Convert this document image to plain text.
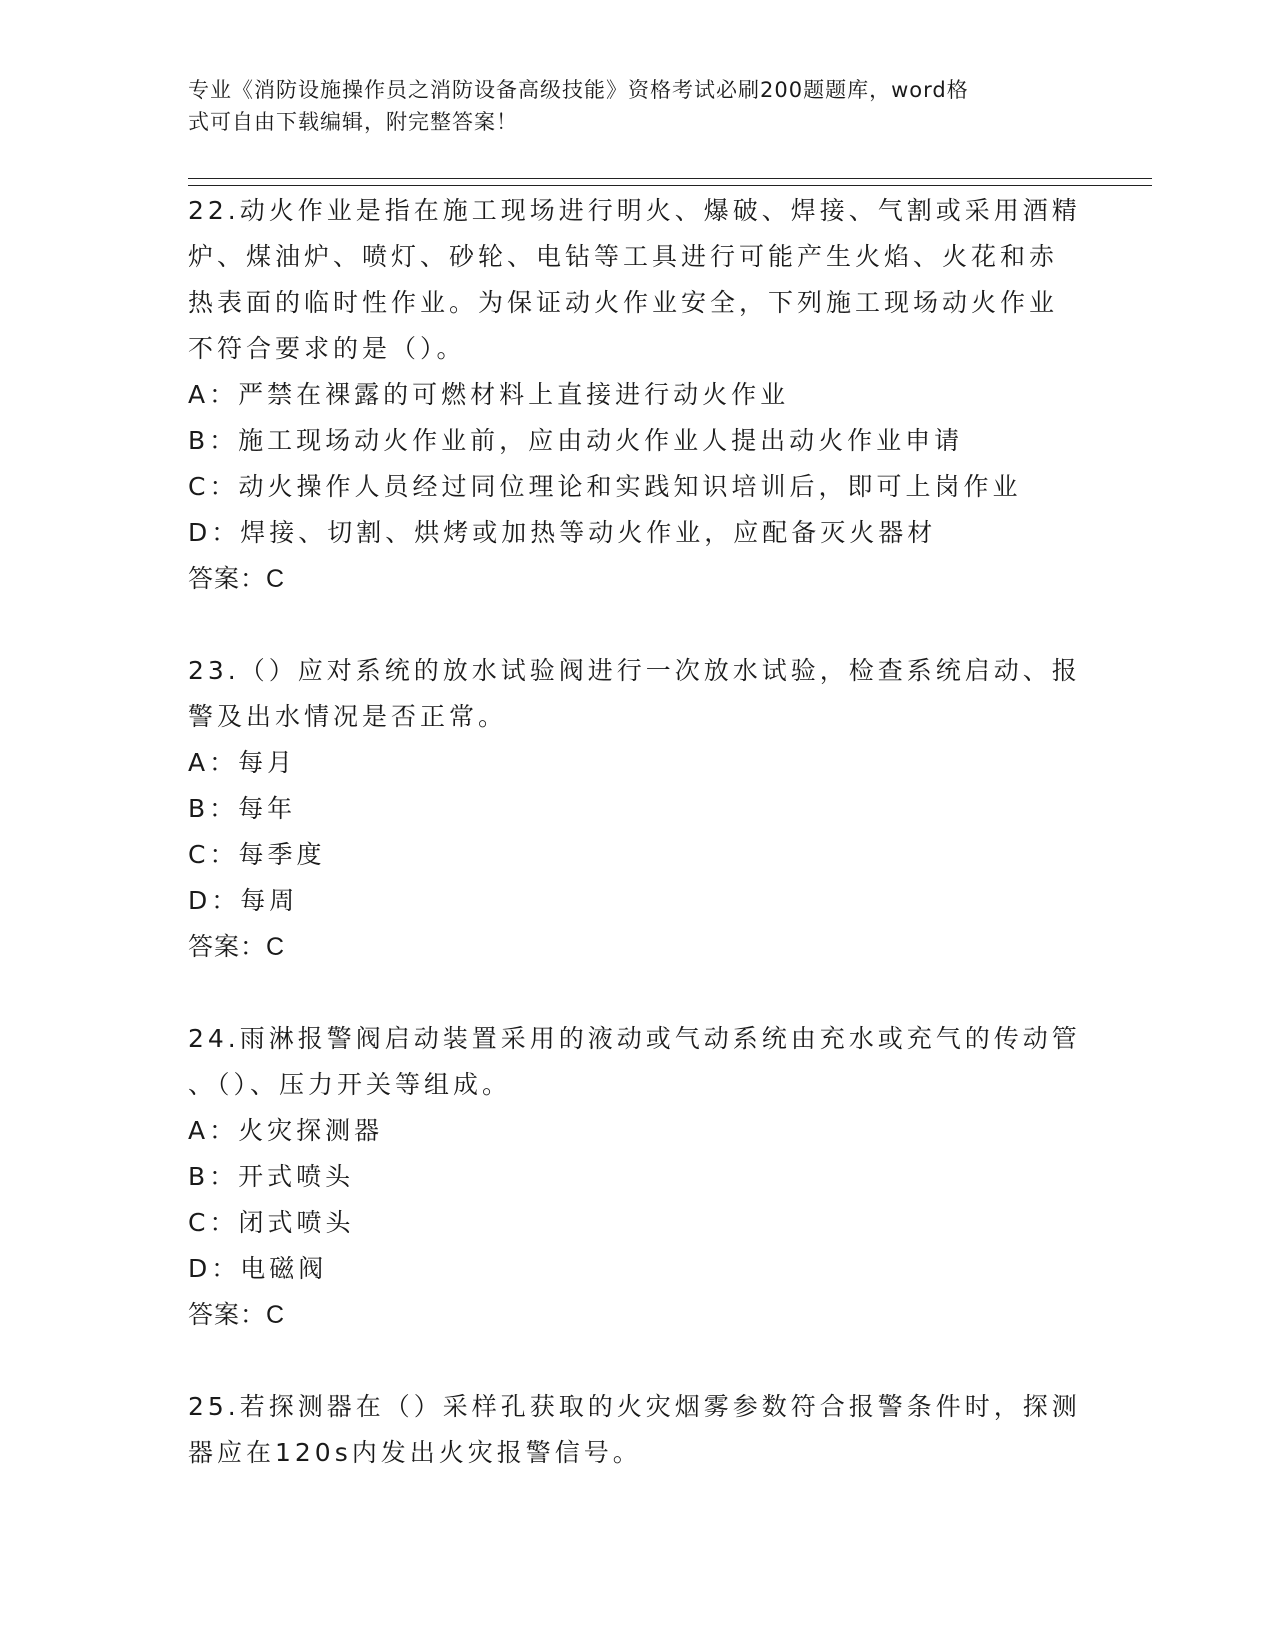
专业《消防设施操作员之消防设备高级技能》资格考试必刷200题题库，word格
式可自由下载编辑，附完整答案！
22.动火作业是指在施工现场进行明火、爆破、焊接、气割或采用酒精
炉、煤油炉、喷灯、砂轮、电钻等工具进行可能产生火焰、火花和赤
热表面的临时性作业。为保证动火作业安全，下列施工现场动火作业
不符合要求的是（）。
A：严禁在裸露的可燃材料上直接进行动火作业
B：施工现场动火作业前，应由动火作业人提出动火作业申请
C：动火操作人员经过同位理论和实践知识培训后，即可上岗作业
D：焊接、切割、烘烤或加热等动火作业，应配备灭火器材
答案：C
23.（）应对系统的放水试验阀进行一次放水试验，检查系统启动、报
警及出水情况是否正常。
A：每月
B：每年
C：每季度
D：每周
答案：C
24.雨淋报警阀启动装置采用的液动或气动系统由充水或充气的传动管
、（）、压力开关等组成。
A：火灾探测器
B：开式喷头
C：闭式喷头
D：电磁阀
答案：C
25.若探测器在（）采样孔获取的火灾烟雾参数符合报警条件时，探测
器应在120s内发出火灾报警信号。
